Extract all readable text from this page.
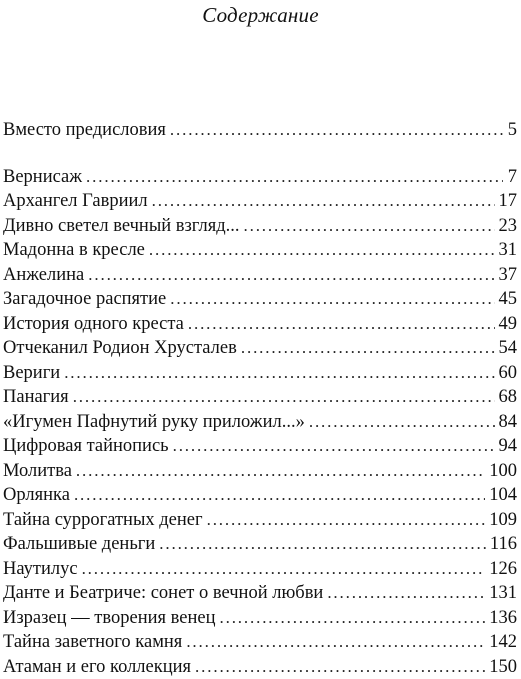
Содержание
Вместо предисловия . . .	5
Вернисаж . . .	7
Архангел Гавриил . . .	17
Дивно светел вечный взгляд... . . .	23
Мадонна в кресле . . .	31
Анжелина . . .	37
Загадочное распятие . . .	45
История одного креста . . .	49
Отчеканил Родион Хрусталев . . .	54
Вериги . . .	60
Панагия . . .	68
«Игумен Пафнутий руку приложил...» . . .	84
Цифровая тайнопись . . .	94
Молитва . . .	100
Орлянка . . .	104
Тайна суррогатных денег . . .	109
Фальшивые деньги . . .	116
Наутилус . . .	126
Данте и Беатриче: сонет о вечной любви . . .	131
Изразец — творения венец . . .	136
Тайна заветного камня . . .	142
Атаман и его коллекция . . .	150
